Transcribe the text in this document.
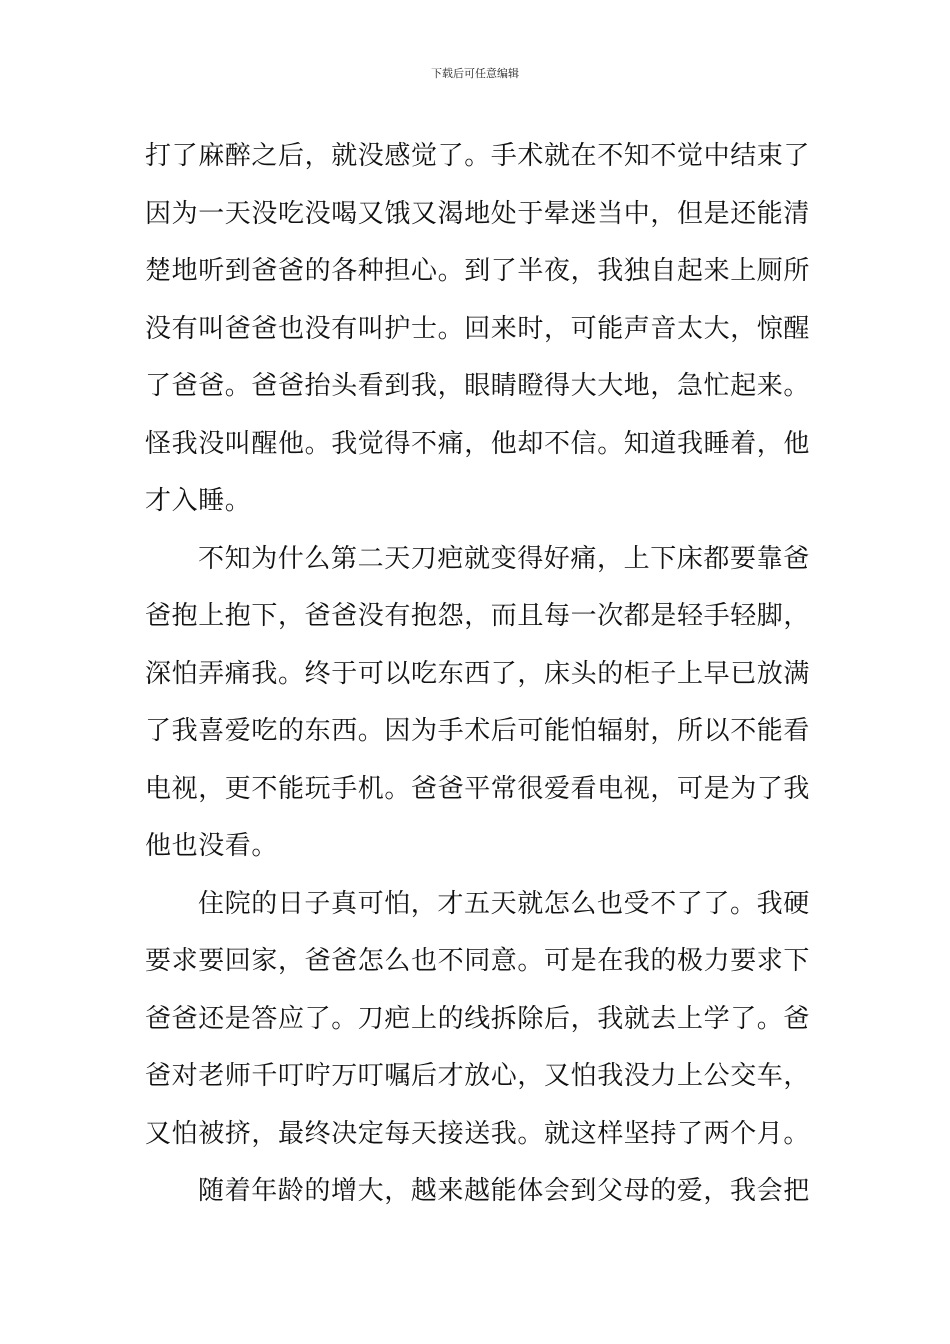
下载后可任意编辑
打了麻醉之后，就没感觉了。手术就在不知不觉中结束了
因为一天没吃没喝又饿又渴地处于晕迷当中，但是还能清
楚地听到爸爸的各种担心。到了半夜，我独自起来上厕所
没有叫爸爸也没有叫护士。回来时，可能声音太大，惊醒
了爸爸。爸爸抬头看到我，眼睛瞪得大大地，急忙起来。
怪我没叫醒他。我觉得不痛，他却不信。知道我睡着，他
才入睡。
不知为什么第二天刀疤就变得好痛，上下床都要靠爸
爸抱上抱下，爸爸没有抱怨，而且每一次都是轻手轻脚，
深怕弄痛我。终于可以吃东西了，床头的柜子上早已放满
了我喜爱吃的东西。因为手术后可能怕辐射，所以不能看
电视，更不能玩手机。爸爸平常很爱看电视，可是为了我
他也没看。
住院的日子真可怕，才五天就怎么也受不了了。我硬
要求要回家，爸爸怎么也不同意。可是在我的极力要求下
爸爸还是答应了。刀疤上的线拆除后，我就去上学了。爸
爸对老师千叮咛万叮嘱后才放心，又怕我没力上公交车，
又怕被挤，最终决定每天接送我。就这样坚持了两个月。
随着年龄的增大，越来越能体会到父母的爱，我会把
